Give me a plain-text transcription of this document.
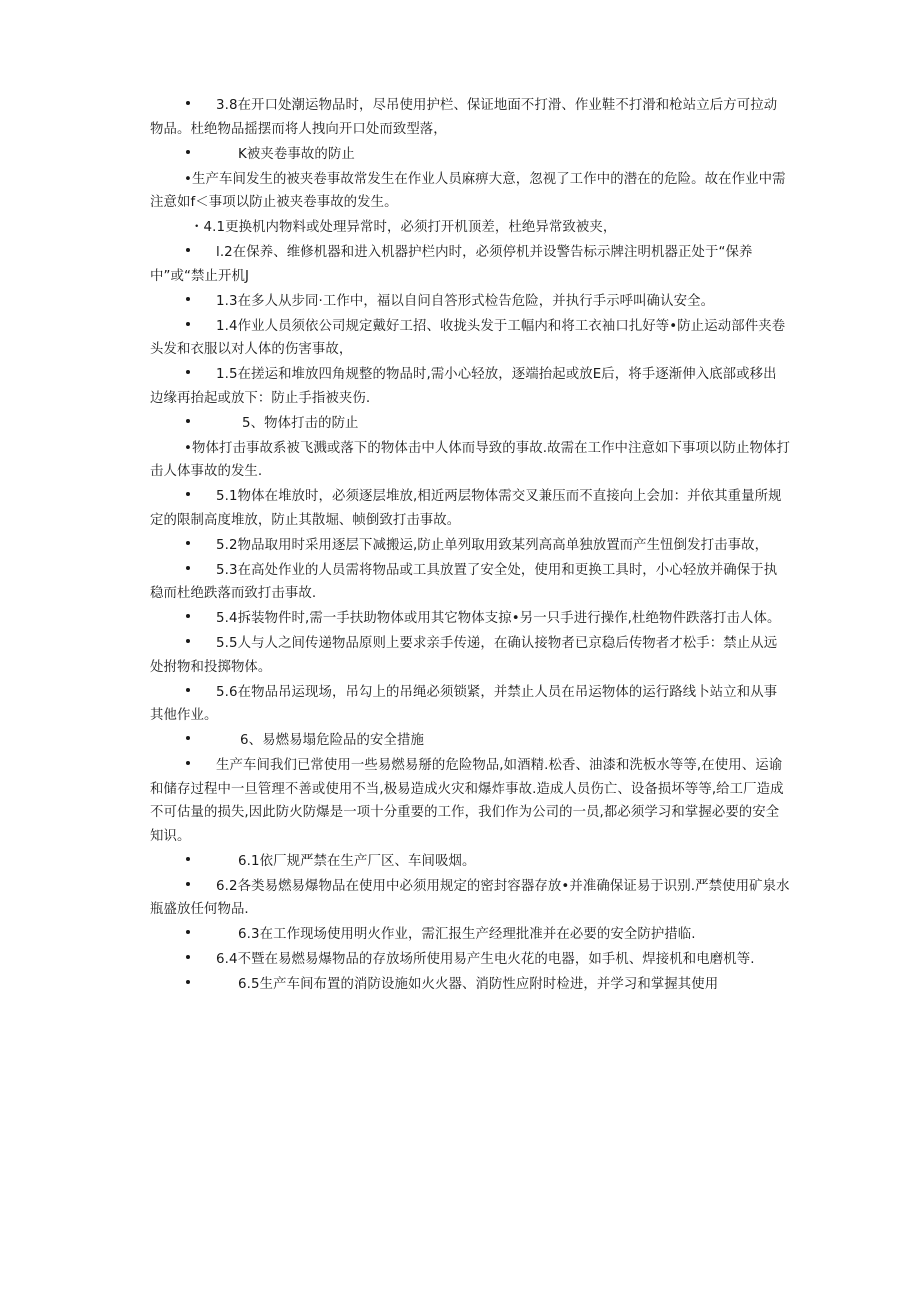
3.8在开口处潮运物品时，尽吊使用护栏、保证地面不打滑、作业鞋不打滑和枪站立后方可拉动物品。杜绝物品摇摆而将人拽向开口处而致型落，
K被夹卷事故的防止
•生产车间发生的被夹卷事故常发生在作业人员麻痹大意，忽视了工作中的潜在的危险。故在作业中需注意如f＜事项以防止被夹卷事故的发生。
・4.1更换机内物料或处理异常时，必须打开机顶差，杜绝异常致被夹，
l.2在保养、维修机器和进入机器护栏内时，必须停机并设警告标示牌注明机器正处于“保养中”或“禁止开机J
1.3在多人从步同·工作中，福以自问自答形式检告危险，并执行手示呼叫确认安全。
1.4作业人员须依公司规定戴好工招、收拢头发于工幅内和将工衣袖口扎好等•防止运动部件夹卷头发和衣服以对人体的伤害事故，
1.5在搓运和堆放四角规整的物品时,需小心轻放，逐端抬起或放E后，将手逐渐伸入底部或移出边缘再抬起或放下：防止手指被夹伤.
5、物体打击的防止
•物体打击事故系被飞溅或落下的物体击中人体而导致的事故.故需在工作中注意如下事项以防止物体打击人体事故的发生.
5.1物体在堆放时，必须逐层堆放,相近两层物体需交叉兼压而不直接向上会加：并依其重量所规定的限制高度堆放，防止其散堀、帧倒致打击事故。
5.2物品取用时采用逐层下减搬运,防止单列取用致某列高高单独放置而产生忸倒发打击事故，
5.3在高处作业的人员需将物品或工具放置了安全处，使用和更换工具时，小心轻放并确保于执稳而杜绝跌落而致打击事故.
5.4拆装物件时,需一手扶助物体或用其它物体支掠•另一只手进行操作,杜绝物件跌落打击人体。
5.5人与人之间传递物品原则上要求亲手传递，在确认接物者已京稳后传物者才松手：禁止从远处拊物和投掷物体。
5.6在物品吊运现场，吊勾上的吊绳必须锁紧，并禁止人员在吊运物体的运行路线卜站立和从事其他作业。
6、易燃易塌危险品的安全措施
生产车间我们已常使用一些易燃易掰的危险物品,如酒精.松香、油漆和洗板水等等,在使用、运谕和储存过程中一旦管理不善或使用不当,极易造成火灾和爆炸事故.造成人员伤亡、设备损坏等等,给工厂造成不可估量的损失,因此防火防爆是一项十分重要的工作，我们作为公司的一员,都必须学习和掌握必要的安全知识。
6.1依厂规严禁在生产厂区、车间吸烟。
6.2各类易燃易爆物品在使用中必须用规定的密封容器存放•并准确保证易于识别.严禁使用矿泉水瓶盛放任何物品.
6.3在工作现场使用明火作业，需汇报生产经理批准并在必要的安全防护措临.
6.4不暨在易燃易爆物品的存放场所使用易产生电火花的电器，如手机、焊接机和电磨机等.
6.5生产车间布置的消防设施如火火器、消防性应附时检进，并学习和掌握其使用
